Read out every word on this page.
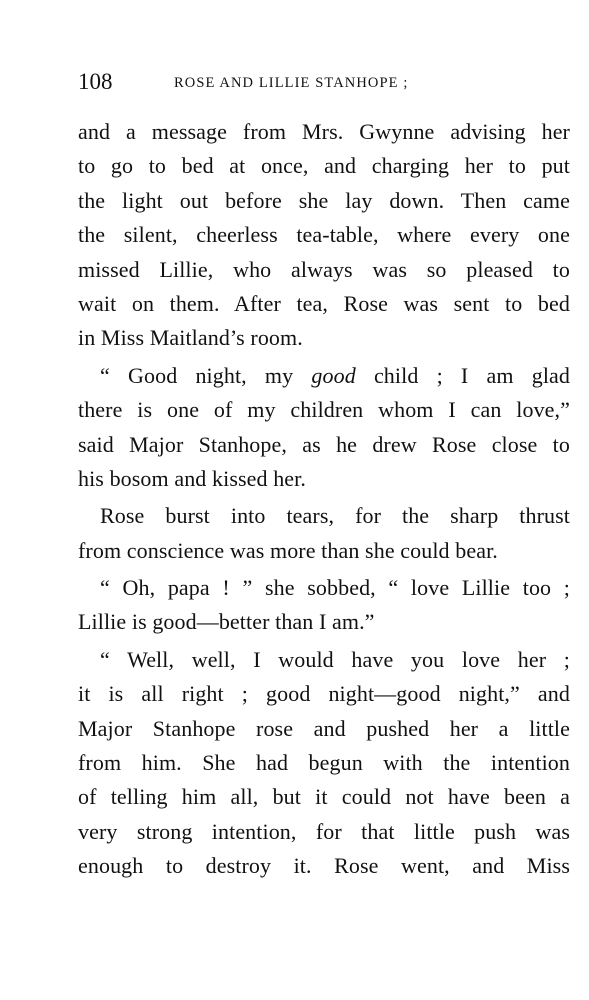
108	ROSE AND LILLIE STANHOPE ;
and a message from Mrs. Gwynne advising her
to go to bed at once, and charging her to put
the light out before she lay down. Then came
the silent, cheerless tea-table, where every one
missed Lillie, who always was so pleased to
wait on them. After tea, Rose was sent to bed
in Miss Maitland’s room.
“ Good night, my good child ; I am glad
there is one of my children whom I can love,”
said Major Stanhope, as he drew Rose close to
his bosom and kissed her.
Rose burst into tears, for the sharp thrust
from conscience was more than she could bear.
“ Oh, papa ! ” she sobbed, “ love Lillie too ;
Lillie is good—better than I am.”
“ Well, well, I would have you love her ;
it is all right ; good night—good night,” and
Major Stanhope rose and pushed her a little
from him. She had begun with the intention
of telling him all, but it could not have been a
very strong intention, for that little push was
enough to destroy it. Rose went, and Miss
